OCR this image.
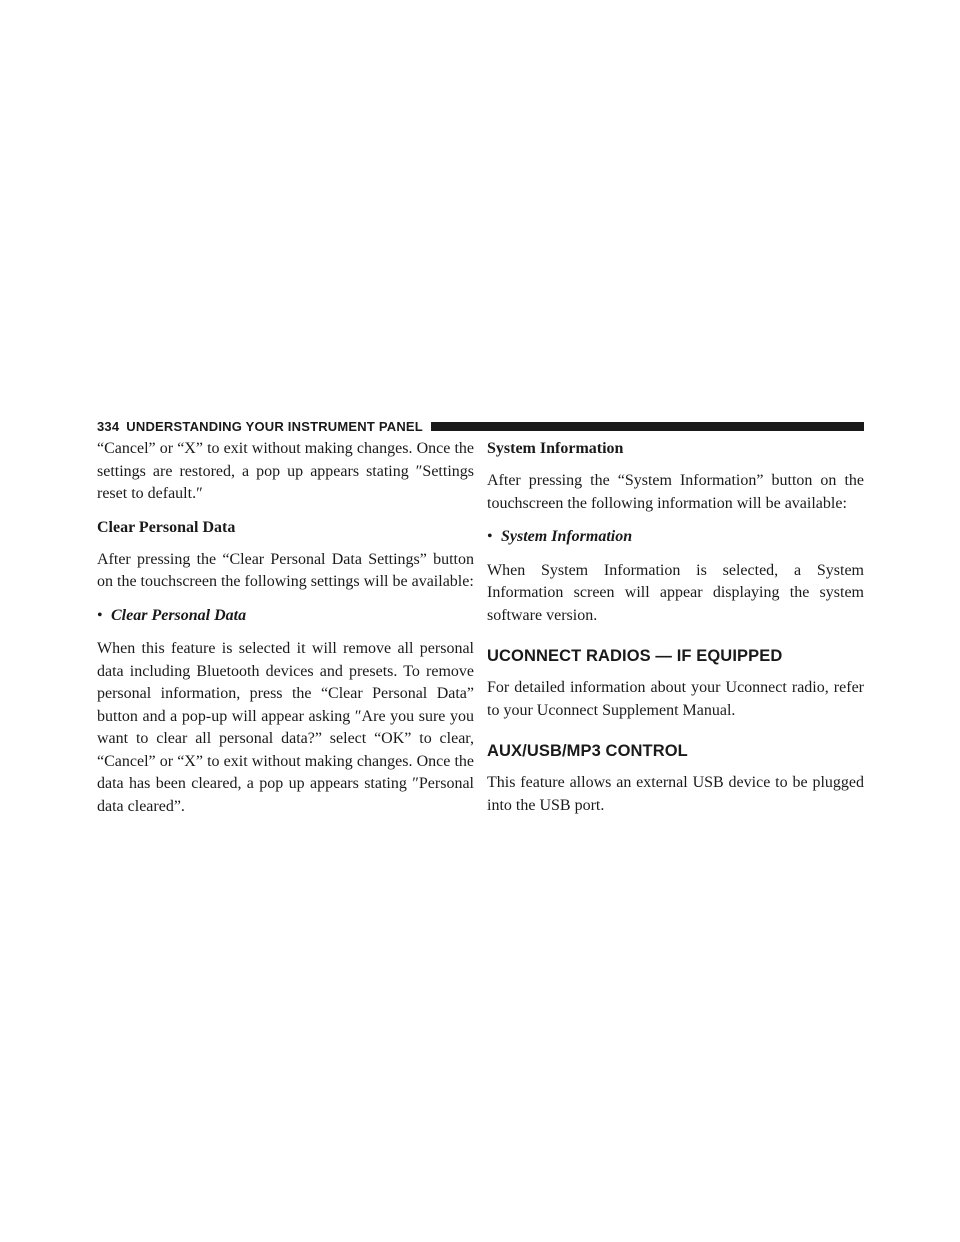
334 UNDERSTANDING YOUR INSTRUMENT PANEL

“Cancel” or “X” to exit without making changes. Once the settings are restored, a pop up appears stating ″Settings reset to default.″

Clear Personal Data

After pressing the “Clear Personal Data Settings” button on the touchscreen the following settings will be available:

• Clear Personal Data

When this feature is selected it will remove all personal data including Bluetooth devices and presets. To remove personal information, press the “Clear Personal Data” button and a pop-up will appear asking ″Are you sure you want to clear all personal data?” select “OK” to clear, “Cancel” or “X” to exit without making changes. Once the data has been cleared, a pop up appears stating ″Personal data cleared”.

System Information

After pressing the “System Information” button on the touchscreen the following information will be available:

• System Information

When System Information is selected, a System Information screen will appear displaying the system software version.

UCONNECT RADIOS — IF EQUIPPED

For detailed information about your Uconnect radio, refer to your Uconnect Supplement Manual.

AUX/USB/MP3 CONTROL

This feature allows an external USB device to be plugged into the USB port.
